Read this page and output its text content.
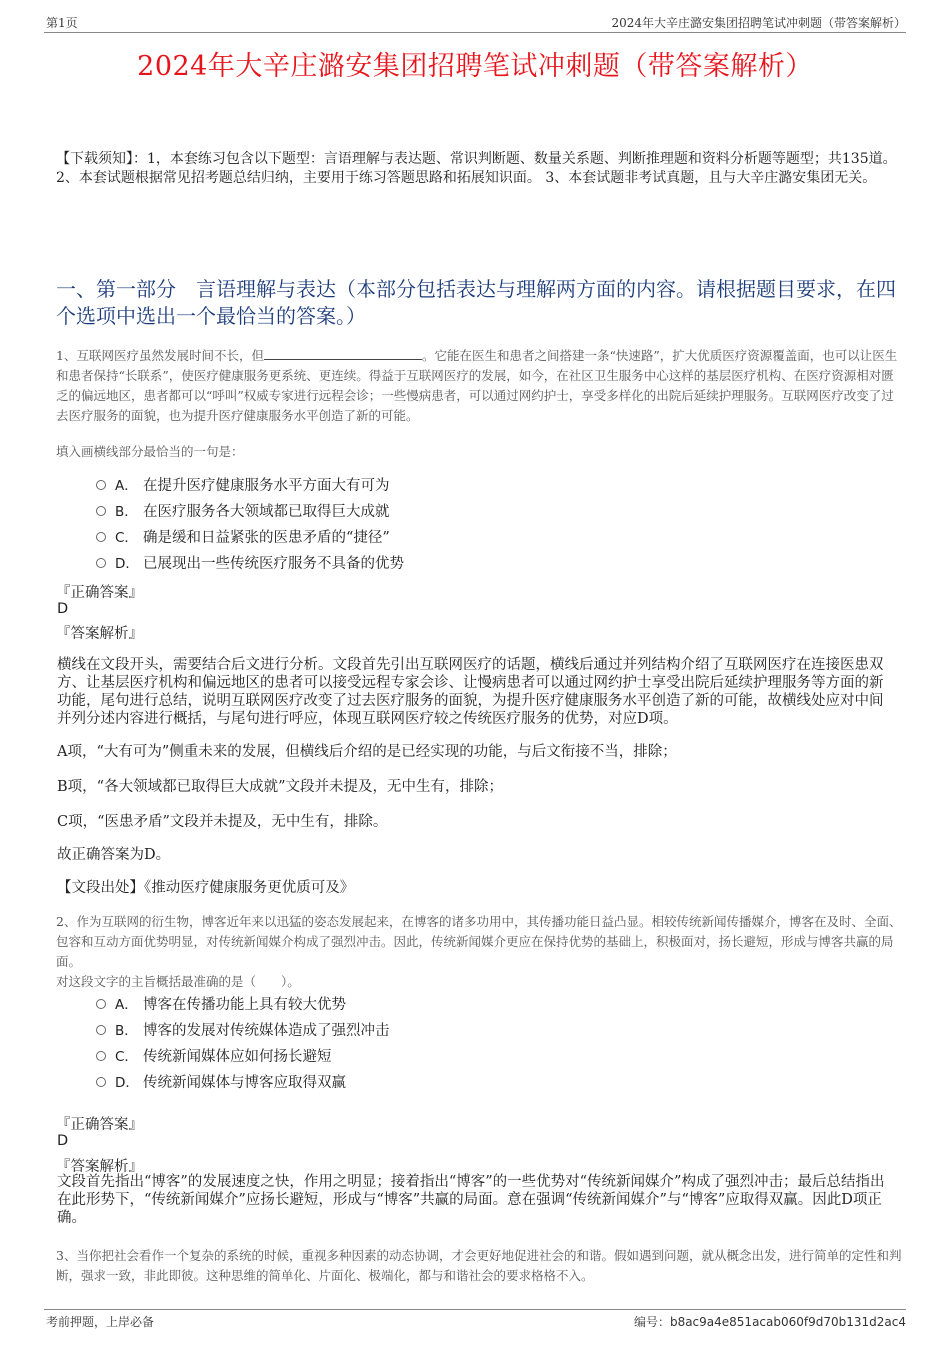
第1页	2024年大辛庄潞安集团招聘笔试冲刺题（带答案解析）
2024年大辛庄潞安集团招聘笔试冲刺题（带答案解析）
【下载须知】：1，本套练习包含以下题型：言语理解与表达题、常识判断题、数量关系题、判断推理题和资料分析题等题型；共135道。 2、本套试题根据常见招考题总结归纳，主要用于练习答题思路和拓展知识面。 3、本套试题非考试真题，且与大辛庄潞安集团无关。
一、第一部分　言语理解与表达（本部分包括表达与理解两方面的内容。请根据题目要求，在四个选项中选出一个最恰当的答案。）
1、互联网医疗虽然发展时间不长，但	。它能在医生和患者之间搭建一条“快速路”，扩大优质医疗资源覆盖面，也可以让医生和患者保持“长联系”，使医疗健康服务更系统、更连续。得益于互联网医疗的发展，如今，在社区卫生服务中心这样的基层医疗机构、在医疗资源相对匮乏的偏远地区，患者都可以“呼叫”权威专家进行远程会诊；一些慢病患者，可以通过网约护士，享受多样化的出院后延续护理服务。互联网医疗改变了过去医疗服务的面貌，也为提升医疗健康服务水平创造了新的可能。
填入画横线部分最恰当的一句是：
A． 在提升医疗健康服务水平方面大有可为
B． 在医疗服务各大领域都已取得巨大成就
C． 确是缓和日益紧张的医患矛盾的“捷径”
D． 已展现出一些传统医疗服务不具备的优势
『正确答案』
D
『答案解析』
横线在文段开头，需要结合后文进行分析。文段首先引出互联网医疗的话题，横线后通过并列结构介绍了互联网医疗在连接医患双方、让基层医疗机构和偏远地区的患者可以接受远程专家会诊、让慢病患者可以通过网约护士享受出院后延续护理服务等方面的新功能，尾句进行总结，说明互联网医疗改变了过去医疗服务的面貌，为提升医疗健康服务水平创造了新的可能，故横线处应对中间并列分述内容进行概括，与尾句进行呼应，体现互联网医疗较之传统医疗服务的优势，对应D项。
A项，“大有可为”侧重未来的发展，但横线后介绍的是已经实现的功能，与后文衔接不当，排除；
B项，“各大领域都已取得巨大成就”文段并未提及，无中生有，排除；
C项，“医患矛盾”文段并未提及，无中生有，排除。
故正确答案为D。
【文段出处】《推动医疗健康服务更优质可及》
2、作为互联网的衍生物，博客近年来以迅猛的姿态发展起来，在博客的诸多功用中，其传播功能日益凸显。相较传统新闻传播媒介，博客在及时、全面、包容和互动方面优势明显，对传统新闻媒介构成了强烈冲击。因此，传统新闻媒介更应在保持优势的基础上，积极面对，扬长避短，形成与博客共赢的局面。
对这段文字的主旨概括最准确的是（　　）。
A． 博客在传播功能上具有较大优势
B． 博客的发展对传统媒体造成了强烈冲击
C． 传统新闻媒体应如何扬长避短
D． 传统新闻媒体与博客应取得双赢
『正确答案』
D
『答案解析』
文段首先指出“博客”的发展速度之快，作用之明显；接着指出“博客”的一些优势对“传统新闻媒介”构成了强烈冲击；最后总结指出在此形势下，“传统新闻媒介”应扬长避短，形成与“博客”共赢的局面。意在强调“传统新闻媒介”与“博客”应取得双赢。因此D项正确。
3、当你把社会看作一个复杂的系统的时候，重视多种因素的动态协调，才会更好地促进社会的和谐。假如遇到问题，就从概念出发，进行简单的定性和判断，强求一致，非此即彼。这种思维的简单化、片面化、极端化，都与和谐社会的要求格格不入。
考前押题，上岸必备	编号：b8ac9a4e851acab060f9d70b131d2ac4
